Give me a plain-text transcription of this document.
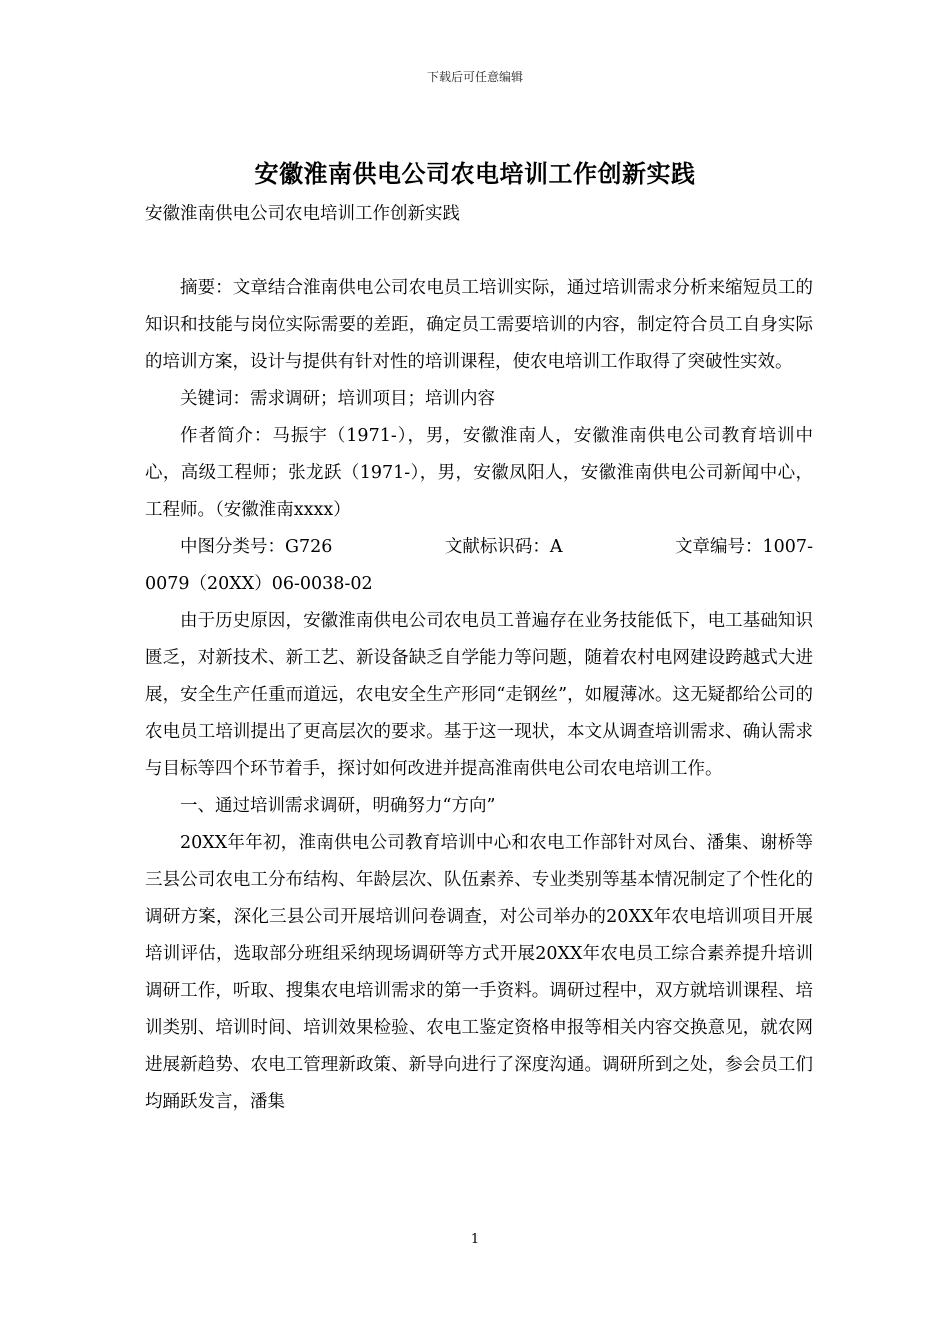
下载后可任意编辑
安徽淮南供电公司农电培训工作创新实践

安徽淮南供电公司农电培训工作创新实践

摘要：文章结合淮南供电公司农电员工培训实际，通过培训需求分析来缩短员工的知识和技能与岗位实际需要的差距，确定员工需要培训的内容，制定符合员工自身实际的培训方案，设计与提供有针对性的培训课程，使农电培训工作取得了突破性实效。

关键词：需求调研；培训项目；培训内容

作者简介：马振宇（1971-），男，安徽淮南人，安徽淮南供电公司教育培训中心，高级工程师；张龙跃（1971-），男，安徽凤阳人，安徽淮南供电公司新闻中心，工程师。（安徽淮南xxxx）

中图分类号：G726	文献标识码：A	文章编号：1007-

0079（20XX）06-0038-02

由于历史原因，安徽淮南供电公司农电员工普遍存在业务技能低下，电工基础知识匮乏，对新技术、新工艺、新设备缺乏自学能力等问题，随着农村电网建设跨越式大进展，安全生产任重而道远，农电安全生产形同“走钢丝”，如履薄冰。这无疑都给公司的农电员工培训提出了更高层次的要求。基于这一现状，本文从调查培训需求、确认需求与目标等四个环节着手，探讨如何改进并提高淮南供电公司农电培训工作。

一、通过培训需求调研，明确努力“方向”

20XX年年初，淮南供电公司教育培训中心和农电工作部针对凤台、潘集、谢桥等三县公司农电工分布结构、年龄层次、队伍素养、专业类别等基本情况制定了个性化的调研方案，深化三县公司开展培训问卷调查，对公司举办的20XX年农电培训项目开展培训评估，选取部分班组采纳现场调研等方式开展20XX年农电员工综合素养提升培训调研工作，听取、搜集农电培训需求的第一手资料。调研过程中，双方就培训课程、培训类别、培训时间、培训效果检验、农电工鉴定资格申报等相关内容交换意见，就农网进展新趋势、农电工管理新政策、新导向进行了深度沟通。调研所到之处，参会员工们均踊跃发言，潘集

1
